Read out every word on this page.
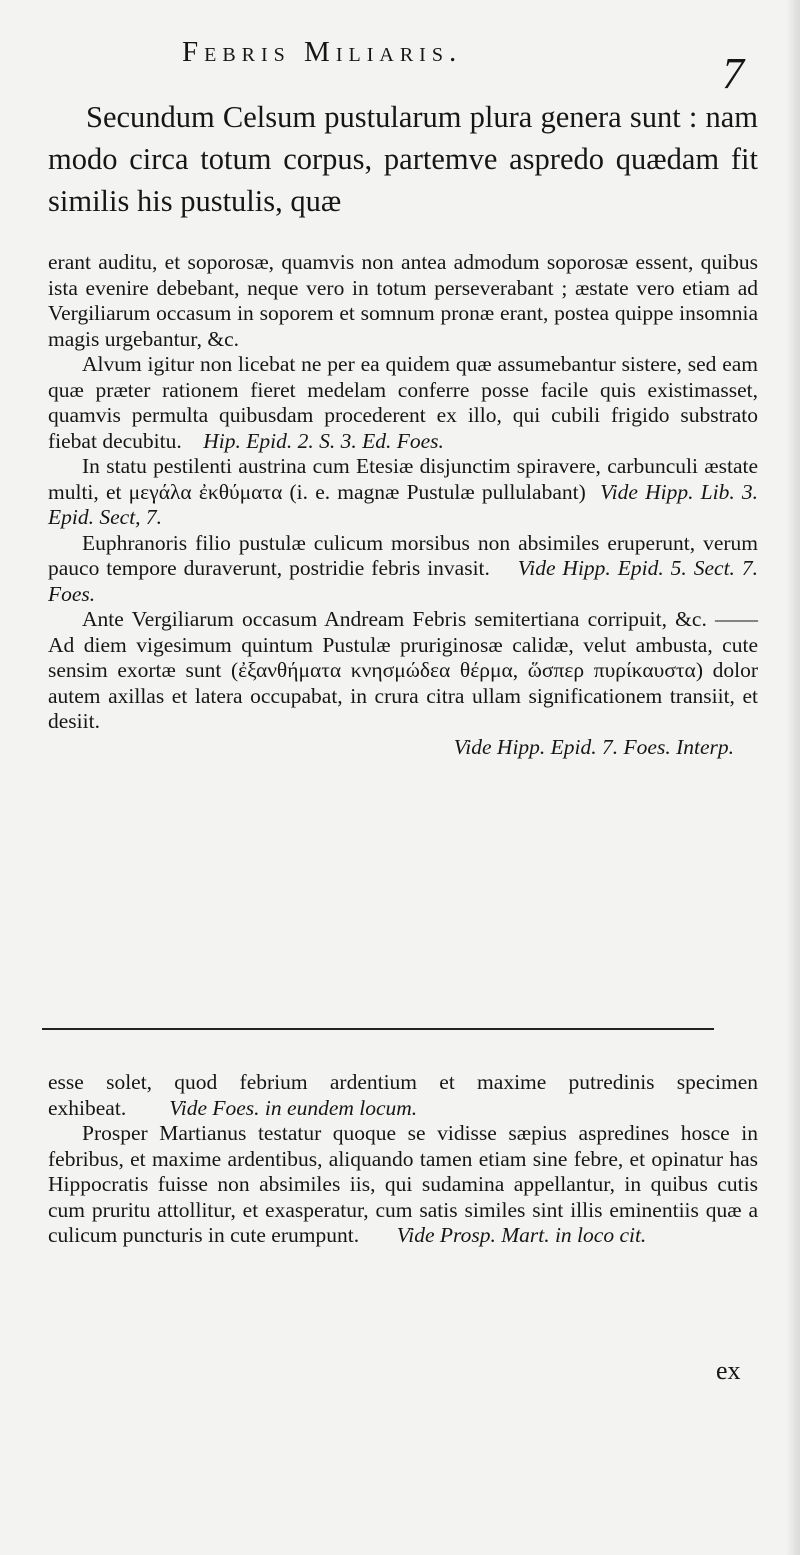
Febris Miliaris.	7

Secundum Celsum pustularum plura genera sunt : nam modo circa totum corpus, partemve aspredo quædam fit similis his pustulis, quæ

erant auditu, et soporosæ, quamvis non antea admodum soporosæ essent, quibus ista evenire debebant, neque vero in totum perseverabant ; æstate vero etiam ad Vergiliarum occasum in soporem et somnum pronæ erant, postea quippe insomnia magis urgebantur, &c.

Alvum igitur non licebat ne per ea quidem quæ assumebantur sistere, sed eam quæ præter rationem fieret medelam conferre posse facile quis existimasset, quamvis permulta quibusdam procederent ex illo, qui cubili frigido substrato fiebat decubitu. Hip. Epid. 2. S. 3. Ed. Foes.

In statu pestilenti austrina cum Etesiæ disjunctim spiravere, carbunculi æstate multi, et μεγάλα ἐκθύματα (i. e. magnæ Pustulæ pullulabant) Vide Hipp. Lib. 3. Epid. Sect, 7.

Euphranoris filio pustulæ culicum morsibus non absimiles eruperunt, verum pauco tempore duraverunt, postridie febris invasit. Vide Hipp. Epid. 5. Sect. 7. Foes.

Ante Vergiliarum occasum Andream Febris semitertiana corripuit, &c. —— Ad diem vigesimum quintum Pustulæ pruriginosæ calidæ, velut ambusta, cute sensim exortæ sunt (ἐξανθήματα κνησμώδεα θέρμα, ὥσπερ πυρίκαυστα) dolor autem axillas et latera occupabat, in crura citra ullam significationem transiit, et desiit.

Vide Hipp. Epid. 7. Foes. Interp.

esse solet, quod febrium ardentium et maxime putredinis specimen exhibeat. Vide Foes. in eundem locum.

Prosper Martianus testatur quoque se vidisse sæpius aspredines hosce in febribus, et maxime ardentibus, aliquando tamen etiam sine febre, et opinatur has Hippocratis fuisse non absimiles iis, qui sudamina appellantur, in quibus cutis cum pruritu attollitur, et exasperatur, cum satis similes sint illis eminentiis quæ a culicum puncturis in cute erumpunt. Vide Prosp. Mart. in loco cit.

ex
